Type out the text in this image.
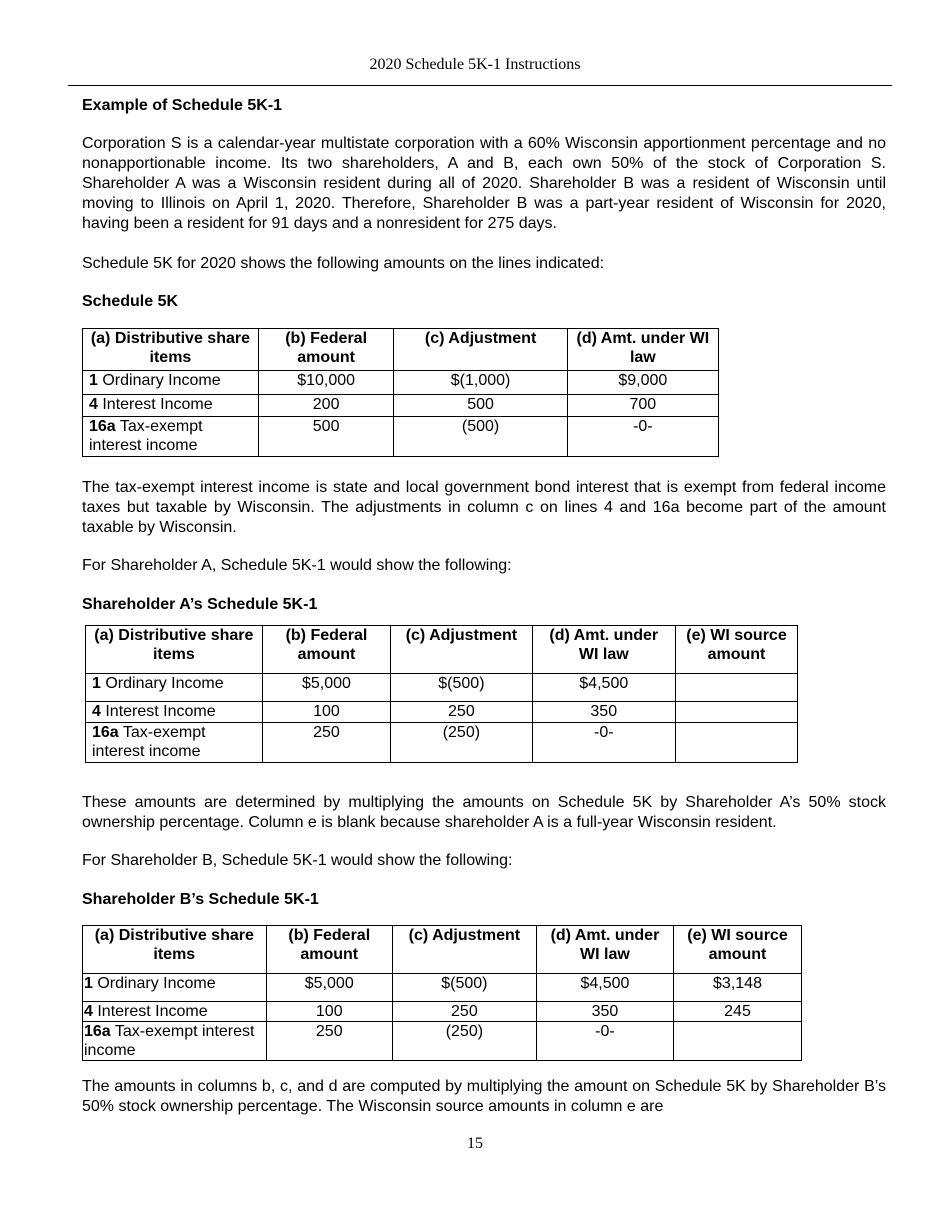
2020 Schedule 5K-1 Instructions
Example of Schedule 5K-1
Corporation S is a calendar-year multistate corporation with a 60% Wisconsin apportionment percentage and no nonapportionable income. Its two shareholders, A and B, each own 50% of the stock of Corporation S. Shareholder A was a Wisconsin resident during all of 2020. Shareholder B was a resident of Wisconsin until moving to Illinois on April 1, 2020. Therefore, Shareholder B was a part-year resident of Wisconsin for 2020, having been a resident for 91 days and a nonresident for 275 days.
Schedule 5K for 2020 shows the following amounts on the lines indicated:
Schedule 5K
(a) Distributive share items	(b) Federal amount	(c) Adjustment	(d) Amt. under WI law
1 Ordinary Income	$10,000	$(1,000)	$9,000
4 Interest Income	200	500	700
16a Tax-exempt interest income	500	(500)	-0-
The tax-exempt interest income is state and local government bond interest that is exempt from federal income taxes but taxable by Wisconsin. The adjustments in column c on lines 4 and 16a become part of the amount taxable by Wisconsin.
For Shareholder A, Schedule 5K-1 would show the following:
Shareholder A’s Schedule 5K-1
(a) Distributive share items	(b) Federal amount	(c) Adjustment	(d) Amt. under WI law	(e) WI source amount
1 Ordinary Income	$5,000	$(500)	$4,500	
4 Interest Income	100	250	350	
16a Tax-exempt interest income	250	(250)	-0-	
These amounts are determined by multiplying the amounts on Schedule 5K by Shareholder A’s 50% stock ownership percentage. Column e is blank because shareholder A is a full-year Wisconsin resident.
For Shareholder B, Schedule 5K-1 would show the following:
Shareholder B’s Schedule 5K-1
(a) Distributive share items	(b) Federal amount	(c) Adjustment	(d) Amt. under WI law	(e) WI source amount
1 Ordinary Income	$5,000	$(500)	$4,500	$3,148
4 Interest Income	100	250	350	245
16a Tax-exempt interest income	250	(250)	-0-	
The amounts in columns b, c, and d are computed by multiplying the amount on Schedule 5K by Shareholder B’s 50% stock ownership percentage. The Wisconsin source amounts in column e are
15
